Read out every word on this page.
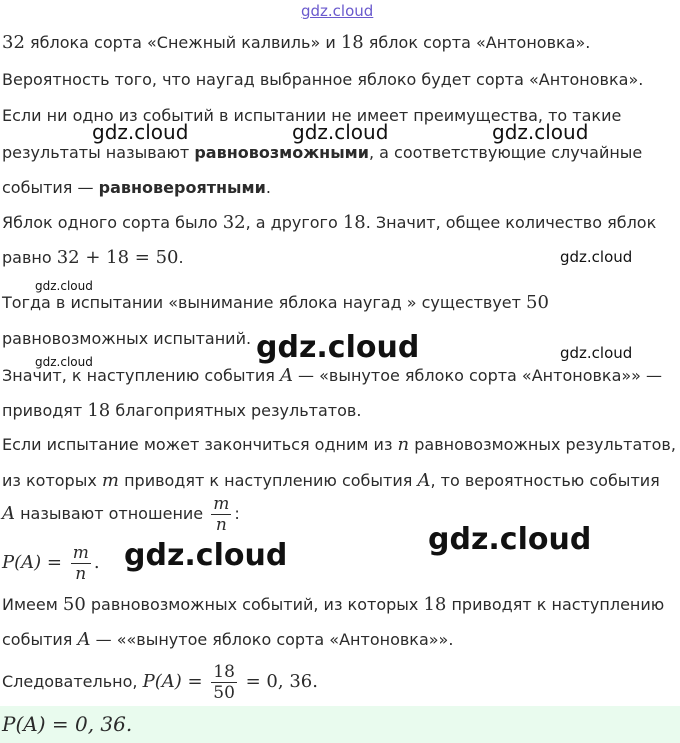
gdz.cloud
gdz.cloud	gdz.cloud	gdz.cloud
gdz.cloud
gdz.cloud
gdz.cloud	gdz.cloud	gdz.cloud
gdz.cloud
gdz.cloud
32 яблока сорта «Снежный калвиль» и 18 яблок сорта «Антоновка».
Вероятность того, что наугад выбранное яблоко будет сорта «Антоновка».
Если ни одно из событий в испытании не имеет преимущества, то такие
результаты называют равновозможными, а соответствующие случайные
события — равновероятными.
Яблок одного сорта было 32, а другого 18. Значит, общее количество яблок
равно 32 + 18 = 50.
Тогда в испытании «вынимание яблока наугад » существует 50
равновозможных испытаний.
Значит, к наступлению события A — «вынутое яблоко сорта «Антоновка»» —
приводят 18 благоприятных результатов.
Если испытание может закончиться одним из n равновозможных результатов,
из которых m приводят к наступлению события A, то вероятностью события
A называют отношение $\frac{m}{n}$ :
$P(A) = \frac{m}{n}$ .
Имеем 50 равновозможных событий, из которых 18 приводят к наступлению
события A — ««вынутое яблоко сорта «Антоновка»».
Следовательно, $P(A) = \frac{18}{50} = 0$, 36.
P(A) = 0, 36.
